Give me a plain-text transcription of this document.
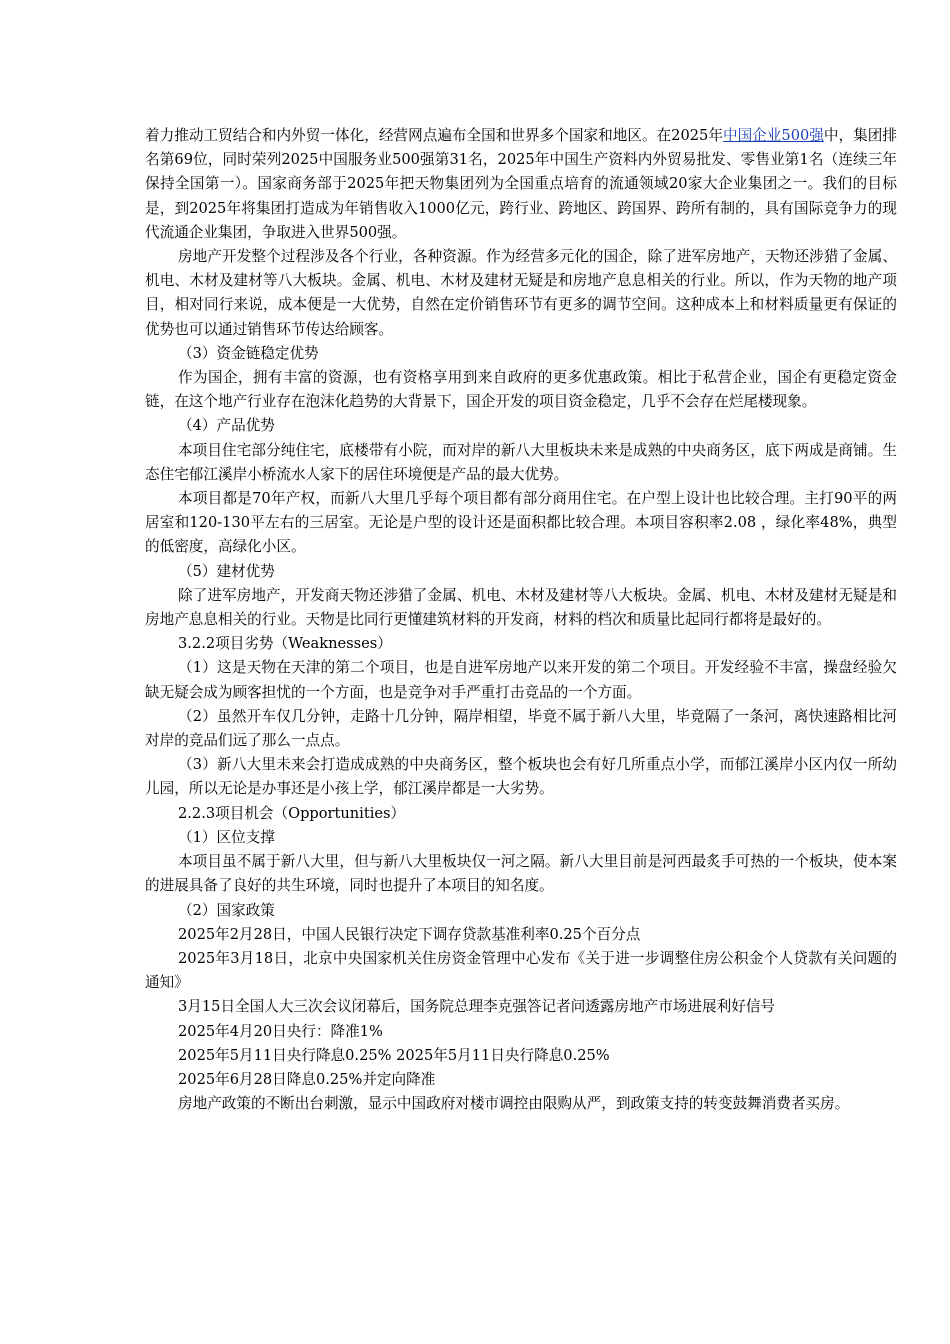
着力推动工贸结合和内外贸一体化，经营网点遍布全国和世界多个国家和地区。在2025年中国企业500强中，集团排名第69位，同时荣列2025中国服务业500强第31名，2025年中国生产资料内外贸易批发、零售业第1名（连续三年保持全国第一）。国家商务部于2025年把天物集团列为全国重点培育的流通领域20家大企业集团之一。我们的目标是，到2025年将集团打造成为年销售收入1000亿元，跨行业、跨地区、跨国界、跨所有制的，具有国际竞争力的现代流通企业集团，争取进入世界500强。

房地产开发整个过程涉及各个行业，各种资源。作为经营多元化的国企，除了进军房地产，天物还涉猎了金属、机电、木材及建材等八大板块。金属、机电、木材及建材无疑是和房地产息息相关的行业。所以，作为天物的地产项目，相对同行来说，成本便是一大优势，自然在定价销售环节有更多的调节空间。这种成本上和材料质量更有保证的优势也可以通过销售环节传达给顾客。

（3）资金链稳定优势

作为国企，拥有丰富的资源，也有资格享用到来自政府的更多优惠政策。相比于私营企业，国企有更稳定资金链，在这个地产行业存在泡沫化趋势的大背景下，国企开发的项目资金稳定，几乎不会存在烂尾楼现象。

（4）产品优势

本项目住宅部分纯住宅，底楼带有小院，而对岸的新八大里板块未来是成熟的中央商务区，底下两成是商铺。生态住宅郁江溪岸小桥流水人家下的居住环境便是产品的最大优势。

本项目都是70年产权，而新八大里几乎每个项目都有部分商用住宅。在户型上设计也比较合理。主打90平的两居室和120-130平左右的三居室。无论是户型的设计还是面积都比较合理。本项目容积率2.08 ，绿化率48%，典型的低密度，高绿化小区。

（5）建材优势

除了进军房地产，开发商天物还涉猎了金属、机电、木材及建材等八大板块。金属、机电、木材及建材无疑是和房地产息息相关的行业。天物是比同行更懂建筑材料的开发商，材料的档次和质量比起同行都将是最好的。

3.2.2项目劣势（Weaknesses）

（1）这是天物在天津的第二个项目，也是自进军房地产以来开发的第二个项目。开发经验不丰富，操盘经验欠缺无疑会成为顾客担忧的一个方面，也是竞争对手严重打击竞品的一个方面。

（2）虽然开车仅几分钟，走路十几分钟，隔岸相望，毕竟不属于新八大里，毕竟隔了一条河，离快速路相比河对岸的竞品们远了那么一点点。

（3）新八大里未来会打造成成熟的中央商务区，整个板块也会有好几所重点小学，而郁江溪岸小区内仅一所幼儿园，所以无论是办事还是小孩上学，郁江溪岸都是一大劣势。

2.2.3项目机会（Opportunities）

（1）区位支撑

本项目虽不属于新八大里，但与新八大里板块仅一河之隔。新八大里目前是河西最炙手可热的一个板块，使本案的进展具备了良好的共生环境，同时也提升了本项目的知名度。

（2）国家政策

2025年2月28日，中国人民银行决定下调存贷款基准利率0.25个百分点

2025年3月18日，北京中央国家机关住房资金管理中心发布《关于进一步调整住房公积金个人贷款有关问题的通知》

3月15日全国人大三次会议闭幕后，国务院总理李克强答记者问透露房地产市场进展利好信号

2025年4月20日央行：降准1%

2025年5月11日央行降息0.25% 2025年5月11日央行降息0.25%

2025年6月28日降息0.25%并定向降准

房地产政策的不断出台刺激，显示中国政府对楼市调控由限购从严，到政策支持的转变鼓舞消费者买房。
